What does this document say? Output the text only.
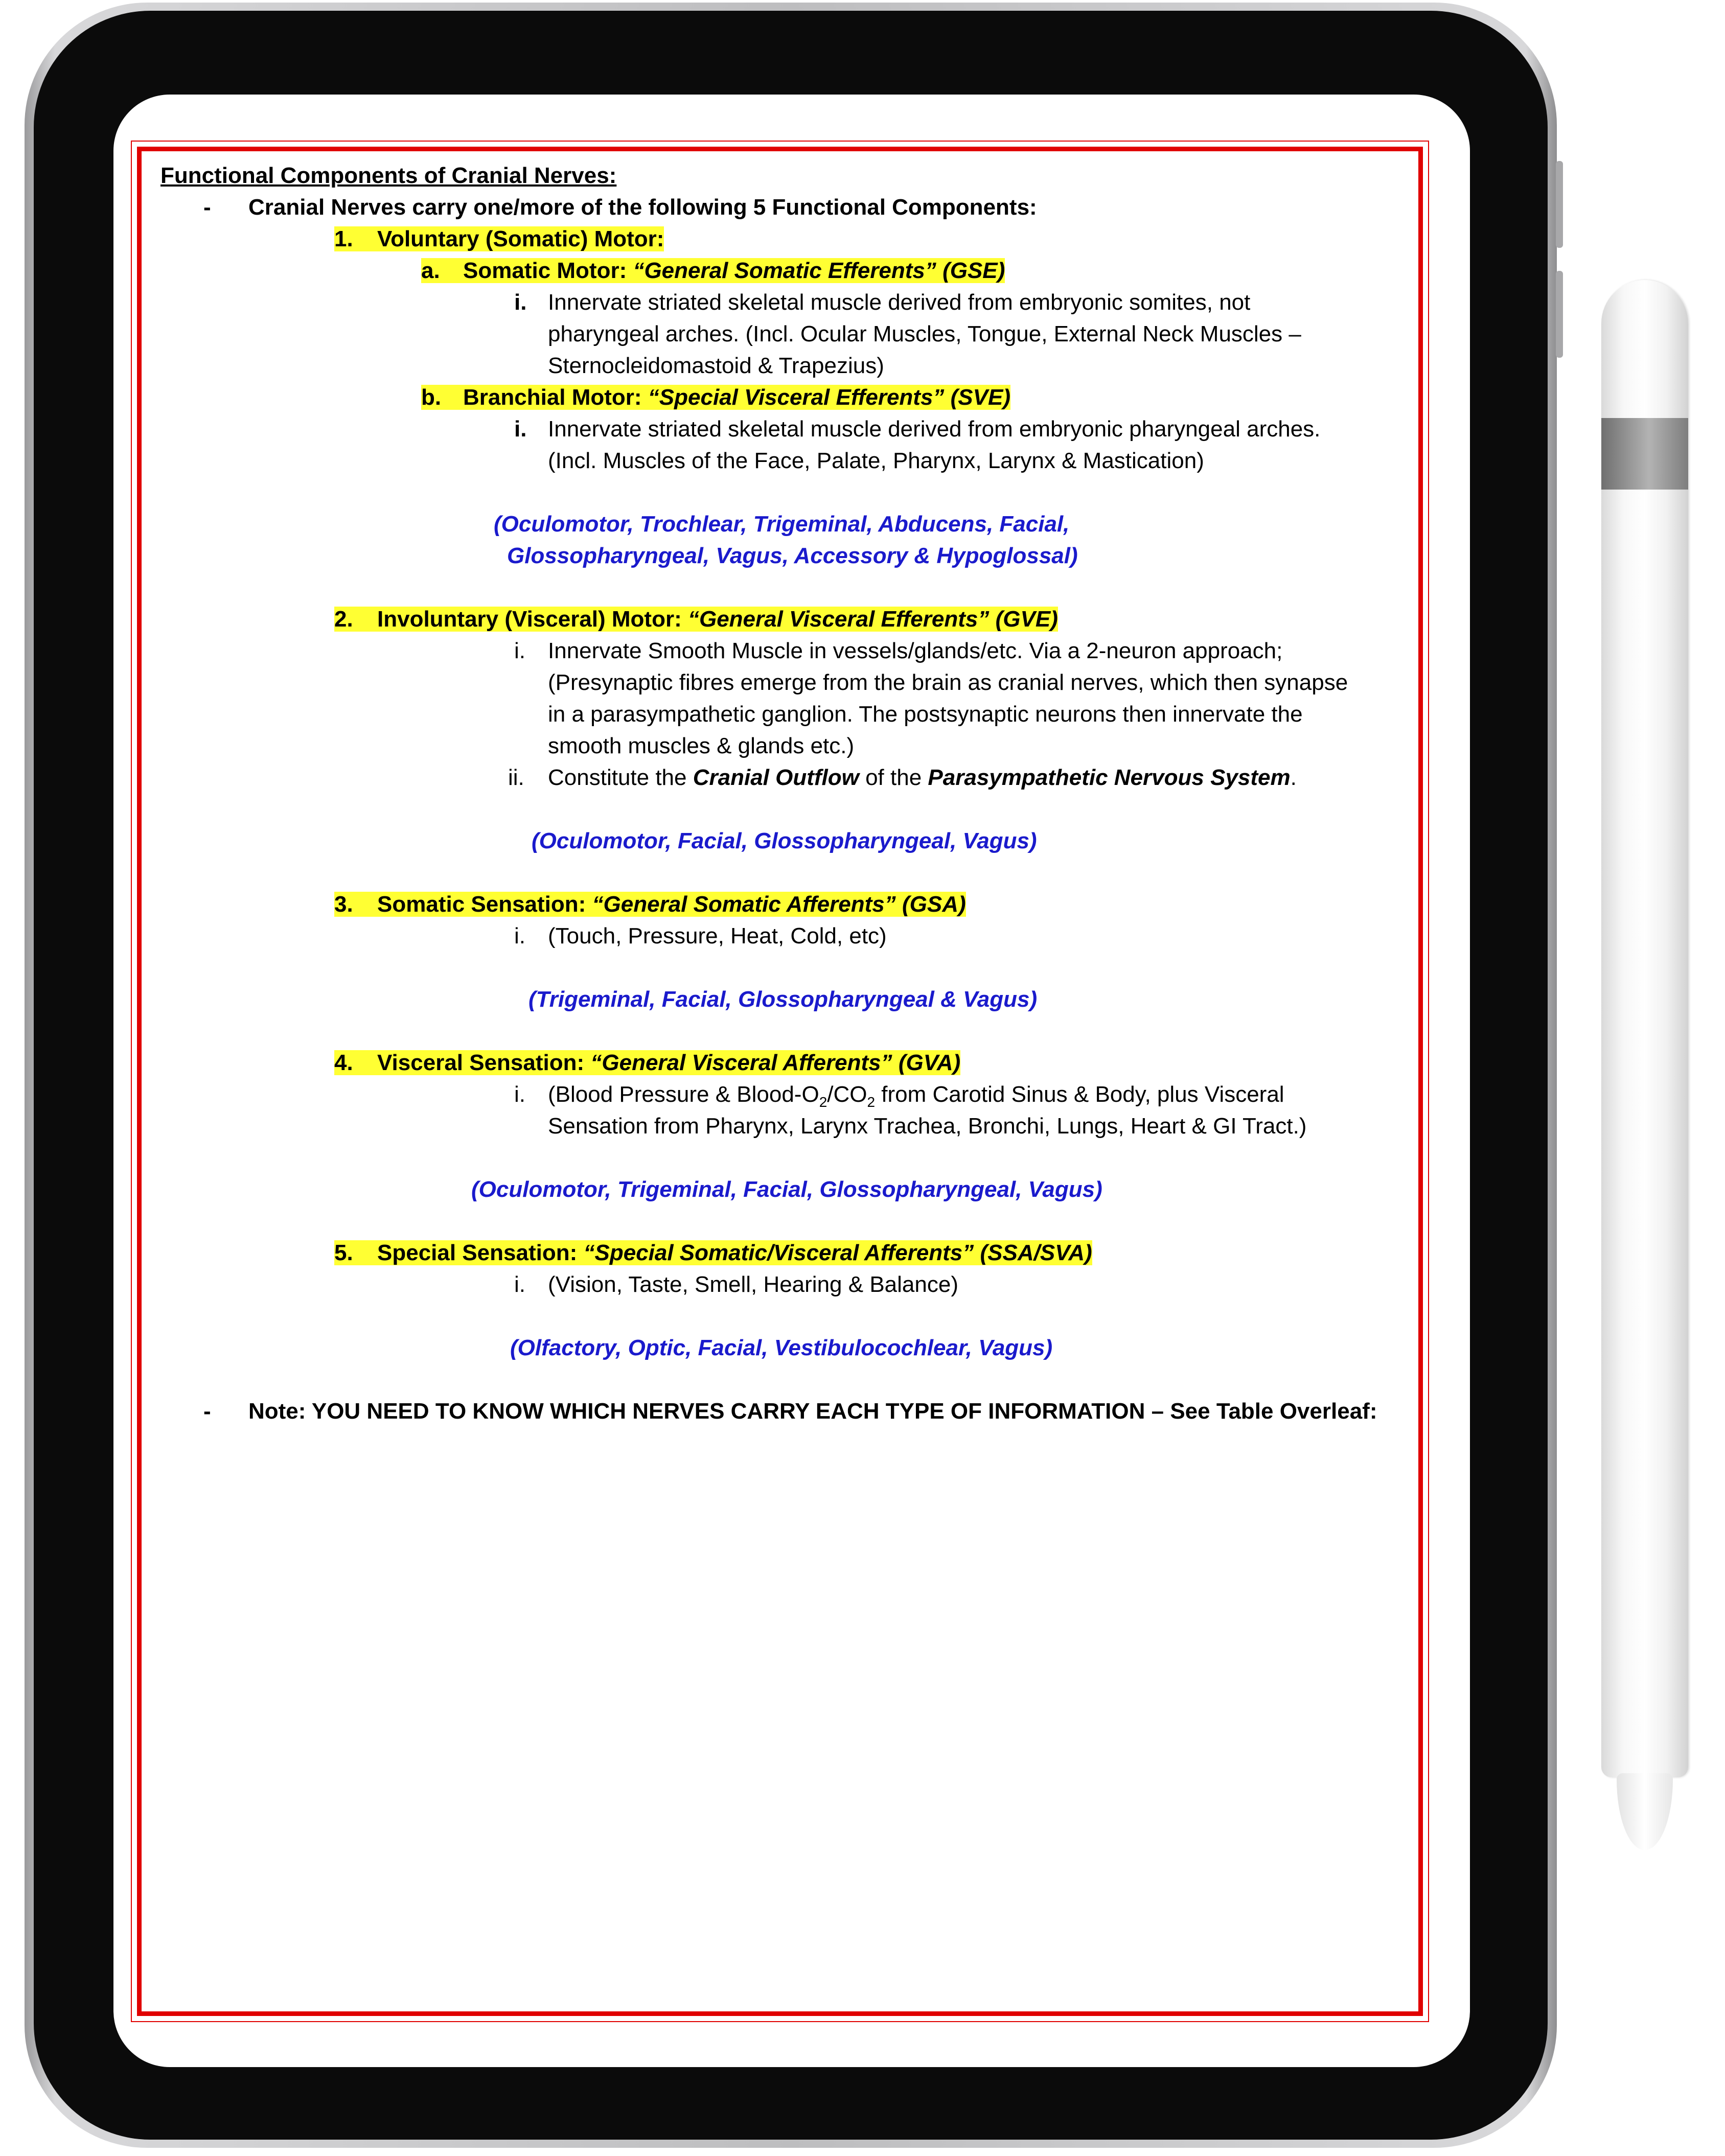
Functional Components of Cranial Nerves:
- Cranial Nerves carry one/more of the following 5 Functional Components:
1. Voluntary (Somatic) Motor:
a. Somatic Motor: “General Somatic Efferents” (GSE)
i. Innervate striated skeletal muscle derived from embryonic somites, not
pharyngeal arches. (Incl. Ocular Muscles, Tongue, External Neck Muscles –
Sternocleidomastoid & Trapezius)
b. Branchial Motor: “Special Visceral Efferents” (SVE)
i. Innervate striated skeletal muscle derived from embryonic pharyngeal arches.
(Incl. Muscles of the Face, Palate, Pharynx, Larynx & Mastication)
(Oculomotor, Trochlear, Trigeminal, Abducens, Facial,
Glossopharyngeal, Vagus, Accessory & Hypoglossal)
2. Involuntary (Visceral) Motor: “General Visceral Efferents” (GVE)
i. Innervate Smooth Muscle in vessels/glands/etc. Via a 2-neuron approach;
(Presynaptic fibres emerge from the brain as cranial nerves, which then synapse
in a parasympathetic ganglion. The postsynaptic neurons then innervate the
smooth muscles & glands etc.)
ii. Constitute the Cranial Outflow of the Parasympathetic Nervous System.
(Oculomotor, Facial, Glossopharyngeal, Vagus)
3. Somatic Sensation: “General Somatic Afferents” (GSA)
i. (Touch, Pressure, Heat, Cold, etc)
(Trigeminal, Facial, Glossopharyngeal & Vagus)
4. Visceral Sensation: “General Visceral Afferents” (GVA)
i. (Blood Pressure & Blood-$O_2/CO_2$ from Carotid Sinus & Body, plus Visceral
Sensation from Pharynx, Larynx Trachea, Bronchi, Lungs, Heart & GI Tract.)
(Oculomotor, Trigeminal, Facial, Glossopharyngeal, Vagus)
5. Special Sensation: “Special Somatic/Visceral Afferents” (SSA/SVA)
i. (Vision, Taste, Smell, Hearing & Balance)
(Olfactory, Optic, Facial, Vestibulocochlear, Vagus)
- Note: YOU NEED TO KNOW WHICH NERVES CARRY EACH TYPE OF INFORMATION – See Table Overleaf:
